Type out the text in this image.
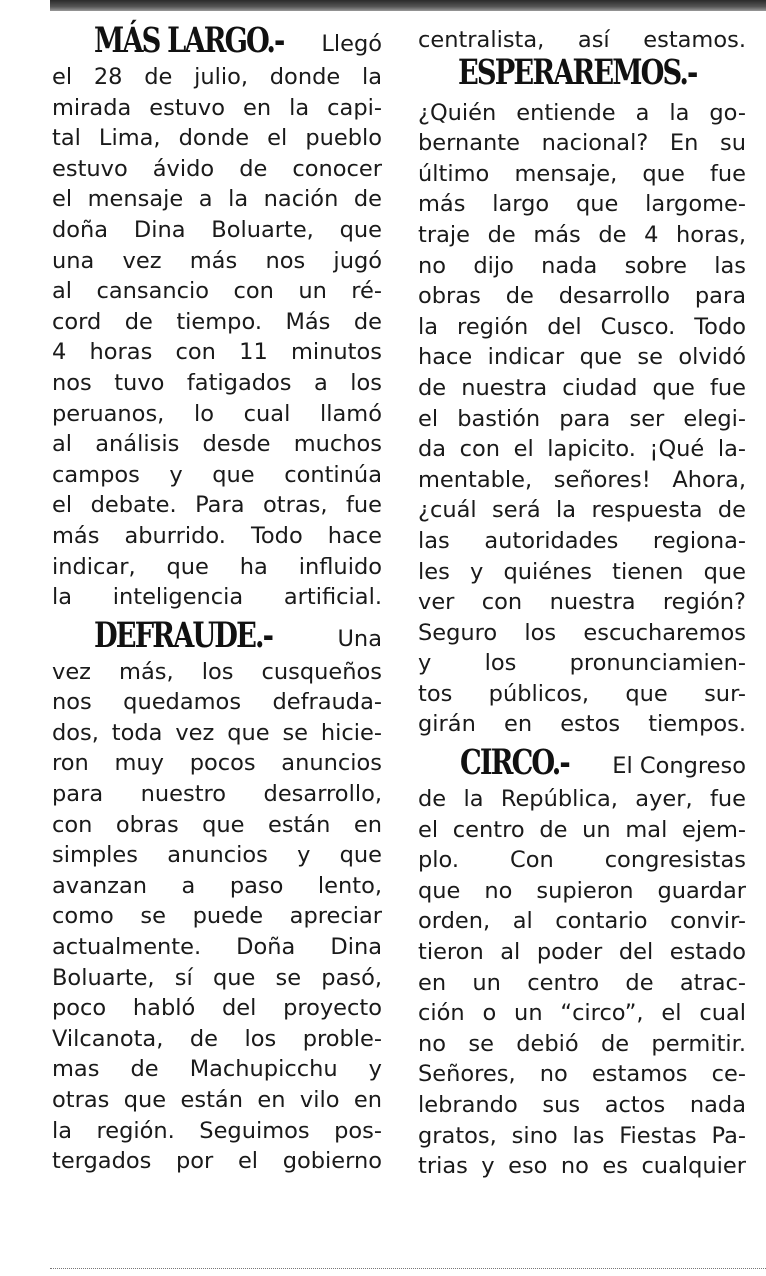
MÁS LARGO.- Llegó
el 28 de julio, donde la
mirada estuvo en la capi-
tal Lima, donde el pueblo
estuvo ávido de conocer
el mensaje a la nación de
doña Dina Boluarte, que
una vez más nos jugó
al cansancio con un ré-
cord de tiempo. Más de
4 horas con 11 minutos
nos tuvo fatigados a los
peruanos, lo cual llamó
al análisis desde muchos
campos y que continúa
el debate. Para otras, fue
más aburrido. Todo hace
indicar, que ha influido
la inteligencia artificial.
DEFRAUDE.-	Una
vez más, los cusqueños
nos quedamos defrauda-
dos, toda vez que se hicie-
ron muy pocos anuncios
para nuestro desarrollo,
con obras que están en
simples anuncios y que
avanzan a paso lento,
como se puede apreciar
actualmente. Doña Dina
Boluarte, sí que se pasó,
poco habló del proyecto
Vilcanota, de los proble-
mas de Machupicchu y
otras que están en vilo en
la región. Seguimos pos-
tergados por el gobierno
centralista, así estamos.
ESPERAREMOS.-
¿Quién entiende a la go-
bernante nacional? En su
último mensaje, que fue
más largo que largome-
traje de más de 4 horas,
no dijo nada sobre las
obras de desarrollo para
la región del Cusco. Todo
hace indicar que se olvidó
de nuestra ciudad que fue
el bastión para ser elegi-
da con el lapicito. ¡Qué la-
mentable, señores! Ahora,
¿cuál será la respuesta de
las autoridades regiona-
les y quiénes tienen que
ver con nuestra región?
Seguro los escucharemos
y los pronunciamien-
tos públicos, que sur-
girán en estos tiempos.
CIRCO.- El Congreso
de la República, ayer, fue
el centro de un mal ejem-
plo. Con congresistas
que no supieron guardar
orden, al contario convir-
tieron al poder del estado
en un centro de atrac-
ción o un “circo”, el cual
no se debió de permitir.
Señores, no estamos ce-
lebrando sus actos nada
gratos, sino las Fiestas Pa-
trias y eso no es cualquier
